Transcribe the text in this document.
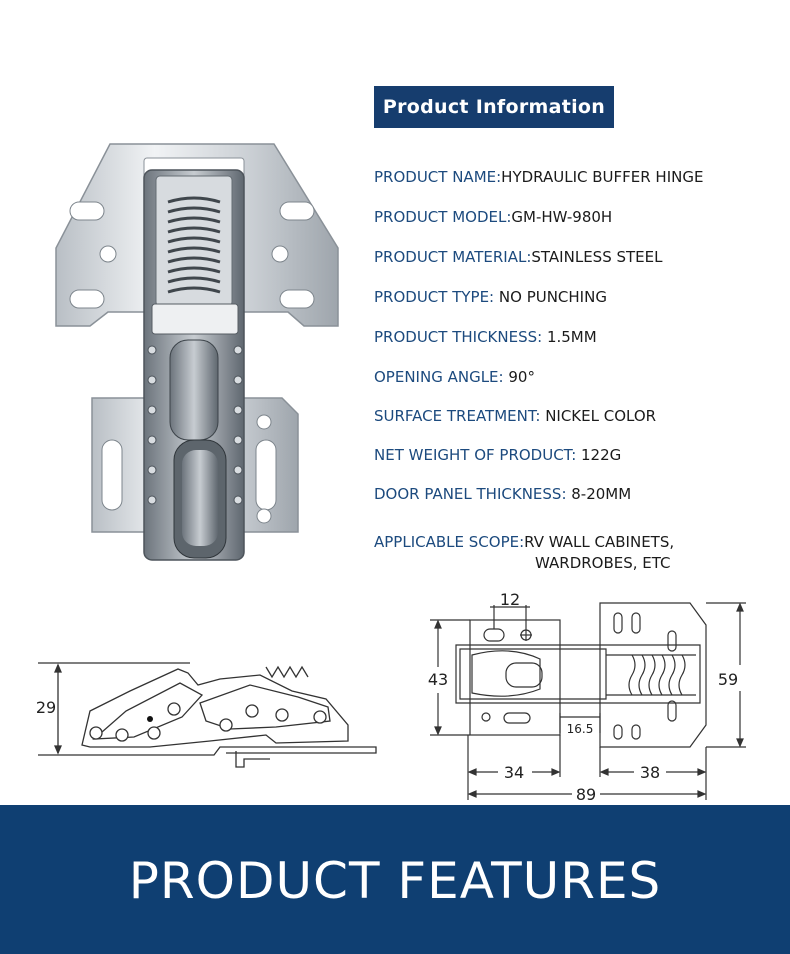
Product Information
PRODUCT NAME:HYDRAULIC BUFFER HINGE
PRODUCT MODEL:GM-HW-980H
PRODUCT MATERIAL:STAINLESS STEEL
PRODUCT TYPE: NO PUNCHING
PRODUCT THICKNESS: 1.5MM
OPENING ANGLE: 90°
SURFACE TREATMENT: NICKEL COLOR
NET WEIGHT OF PRODUCT: 122G
DOOR PANEL THICKNESS: 8-20MM
APPLICABLE SCOPE:RV WALL CABINETS,
WARDROBES, ETC
29
12
43	59
16.5
34	38
89
PRODUCT FEATURES
